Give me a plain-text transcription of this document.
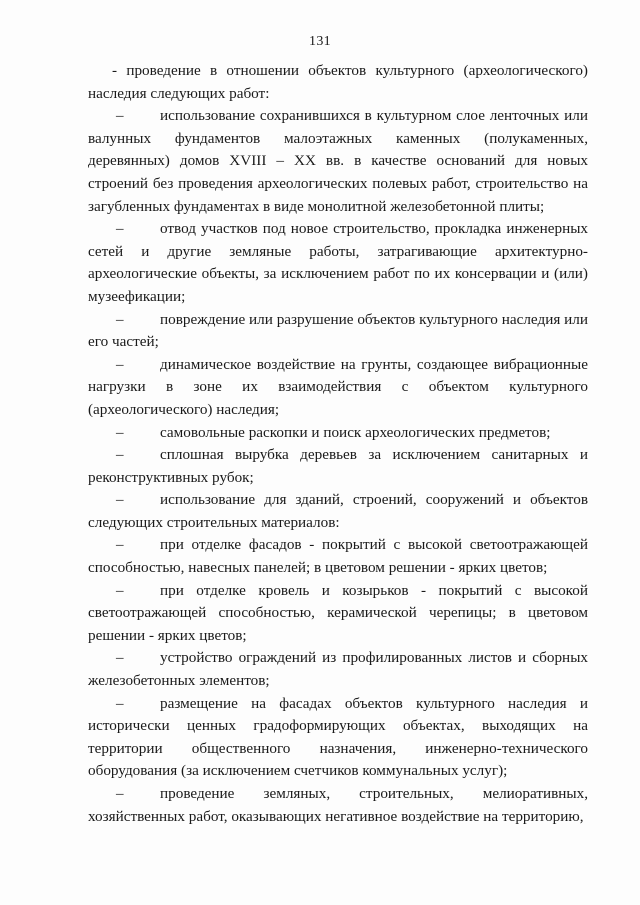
131

- проведение в отношении объектов культурного (археологического) наследия следующих работ:

– использование сохранившихся в культурном слое ленточных или валунных фундаментов малоэтажных каменных (полукаменных, деревянных) домов XVIII – XX вв. в качестве оснований для новых строений без проведения археологических полевых работ, строительство на загубленных фундаментах в виде монолитной железобетонной плиты;

– отвод участков под новое строительство, прокладка инженерных сетей и другие земляные работы, затрагивающие архитектурно-археологические объекты, за исключением работ по их консервации и (или) музеефикации;

– повреждение или разрушение объектов культурного наследия или его частей;

– динамическое воздействие на грунты, создающее вибрационные нагрузки в зоне их взаимодействия с объектом культурного (археологического) наследия;

– самовольные раскопки и поиск археологических предметов;

– сплошная вырубка деревьев за исключением санитарных и реконструктивных рубок;

– использование для зданий, строений, сооружений и объектов следующих строительных материалов:

– при отделке фасадов - покрытий с высокой светоотражающей способностью, навесных панелей; в цветовом решении - ярких цветов;

– при отделке кровель и козырьков - покрытий с высокой светоотражающей способностью, керамической черепицы; в цветовом решении - ярких цветов;

– устройство ограждений из профилированных листов и сборных железобетонных элементов;

– размещение на фасадах объектов культурного наследия и исторически ценных градоформирующих объектах, выходящих на территории общественного назначения, инженерно-технического оборудования (за исключением счетчиков коммунальных услуг);

– проведение земляных, строительных, мелиоративных, хозяйственных работ, оказывающих негативное воздействие на территорию,
